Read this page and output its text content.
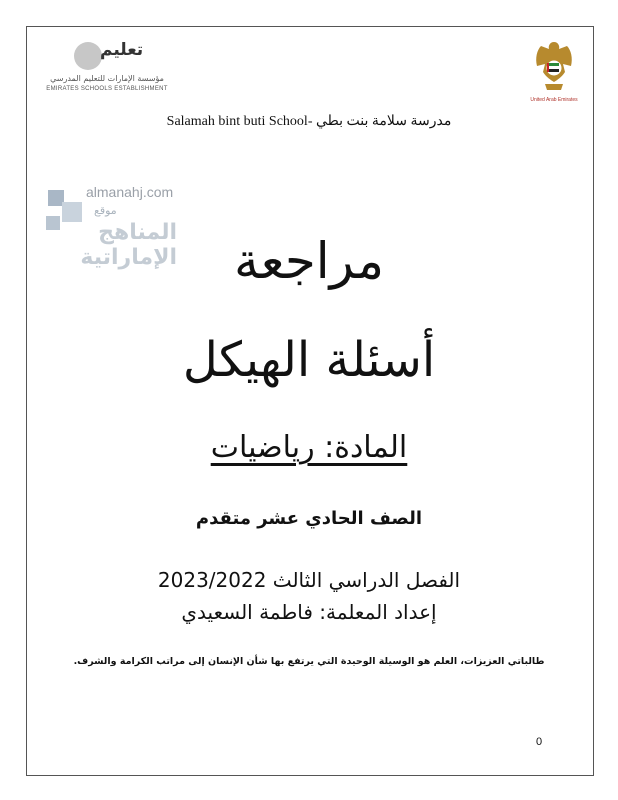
United Arab Emirates
تعليم
مؤسسة الإمارات للتعليم المدرسي
EMIRATES SCHOOLS ESTABLISHMENT
مدرسة سلامة بنت بطي -Salamah bint buti School
almanahj.com
موقع
المناهج الإماراتية	مراجعة
أسئلة الهيكل
المادة: رياضيات
الصف الحادي عشر متقدم
الفصل الدراسي الثالث 2023/2022
إعداد المعلمة: فاطمة السعيدي
طالباتي العزيزات، العلم هو الوسيلة الوحيدة التي يرتفع بها شأن الإنسان إلى مراتب الكرامة والشرف.
0
